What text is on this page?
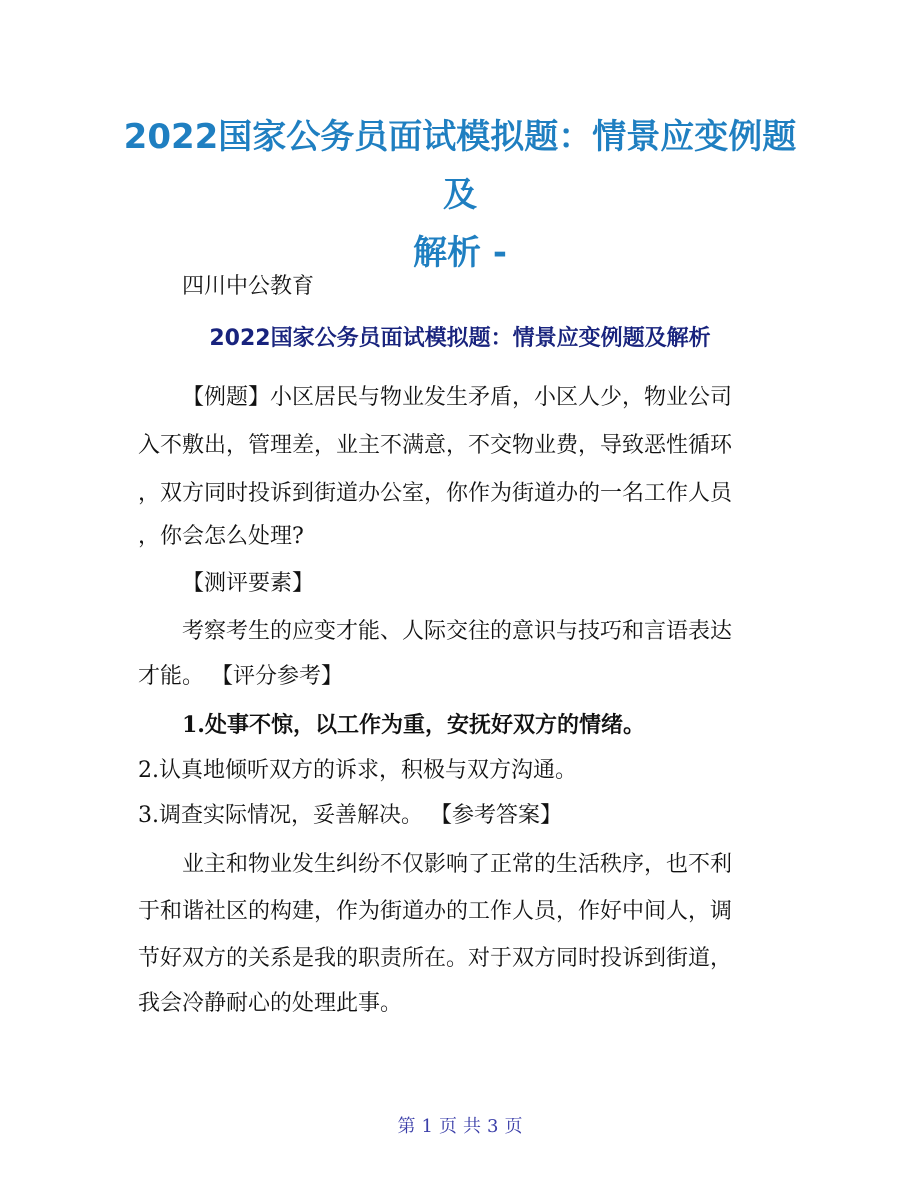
2022国家公务员面试模拟题：情景应变例题及
解析 -
四川中公教育
2022国家公务员面试模拟题：情景应变例题及解析
【例题】小区居民与物业发生矛盾，小区人少，物业公司
入不敷出，管理差，业主不满意，不交物业费，导致恶性循环
，双方同时投诉到街道办公室，你作为街道办的一名工作人员
，你会怎么处理?
【测评要素】
考察考生的应变才能、人际交往的意识与技巧和言语表达
才能。 【评分参考】
1.处事不惊，以工作为重，安抚好双方的情绪。
2.认真地倾听双方的诉求，积极与双方沟通。
3.调查实际情况，妥善解决。 【参考答案】
业主和物业发生纠纷不仅影响了正常的生活秩序，也不利
于和谐社区的构建，作为街道办的工作人员，作好中间人，调
节好双方的关系是我的职责所在。对于双方同时投诉到街道，
我会冷静耐心的处理此事。
第 1 页 共 3 页
